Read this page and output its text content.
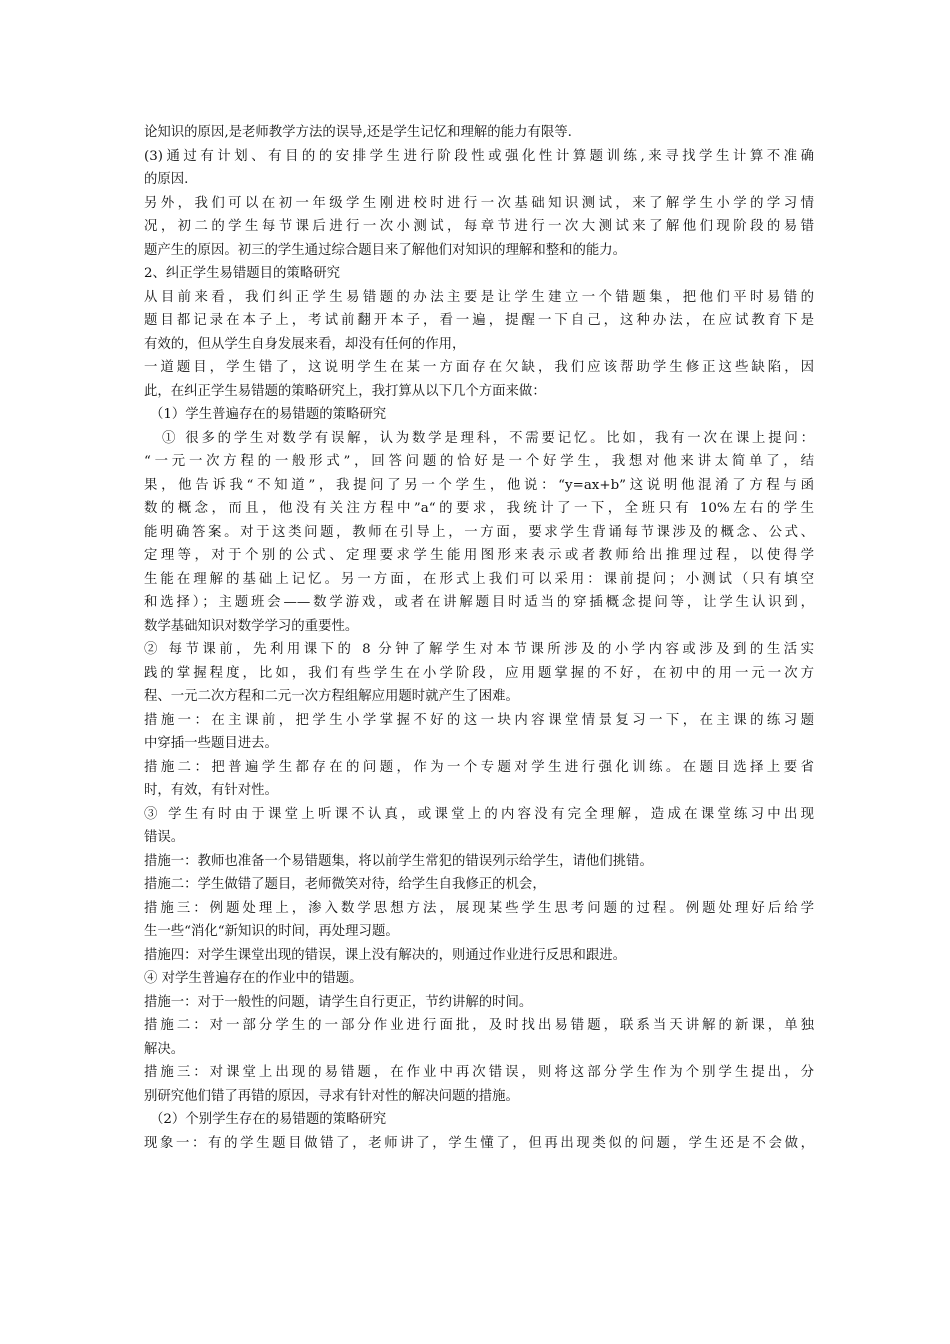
论知识的原因,是老师教学方法的误导,还是学生记忆和理解的能力有限等.
(3)通过有计划、有目的的安排学生进行阶段性或强化性计算题训练,来寻找学生计算不准确
的原因.
另外，我们可以在初一年级学生刚进校时进行一次基础知识测试，来了解学生小学的学习情
况，初二的学生每节课后进行一次小测试，每章节进行一次大测试来了解他们现阶段的易错
题产生的原因。初三的学生通过综合题目来了解他们对知识的理解和整和的能力。
2、纠正学生易错题目的策略研究
从目前来看，我们纠正学生易错题的办法主要是让学生建立一个错题集，把他们平时易错的
题目都记录在本子上，考试前翻开本子，看一遍，提醒一下自己，这种办法，在应试教育下是
有效的，但从学生自身发展来看，却没有任何的作用，
一道题目，学生错了，这说明学生在某一方面存在欠缺，我们应该帮助学生修正这些缺陷，因
此，在纠正学生易错题的策略研究上，我打算从以下几个方面来做：
（1）学生普遍存在的易错题的策略研究
① 很多的学生对数学有误解，认为数学是理科，不需要记忆。比如，我有一次在课上提问：
“一元一次方程的一般形式”，回答问题的恰好是一个好学生，我想对他来讲太简单了，结
果，他告诉我“不知道”，我提问了另一个学生，他说：“y=ax+b”这说明他混淆了方程与函
数的概念，而且，他没有关注方程中”a“的要求，我统计了一下，全班只有 10%左右的学生
能明确答案。对于这类问题，教师在引导上，一方面，要求学生背诵每节课涉及的概念、公式、
定理等，对于个别的公式、定理要求学生能用图形来表示或者教师给出推理过程，以使得学
生能在理解的基础上记忆。另一方面，在形式上我们可以采用：课前提问；小测试（只有填空
和选择）；主题班会——数学游戏，或者在讲解题目时适当的穿插概念提问等，让学生认识到，
数学基础知识对数学学习的重要性。
② 每节课前，先利用课下的 8 分钟了解学生对本节课所涉及的小学内容或涉及到的生活实
践的掌握程度，比如，我们有些学生在小学阶段，应用题掌握的不好，在初中的用一元一次方
程、一元二次方程和二元一次方程组解应用题时就产生了困难。
措施一：在主课前，把学生小学掌握不好的这一块内容课堂情景复习一下，在主课的练习题
中穿插一些题目进去。
措施二：把普遍学生都存在的问题，作为一个专题对学生进行强化训练。在题目选择上要省
时，有效，有针对性。
③ 学生有时由于课堂上听课不认真，或课堂上的内容没有完全理解，造成在课堂练习中出现
错误。
措施一：教师也准备一个易错题集，将以前学生常犯的错误列示给学生，请他们挑错。
措施二：学生做错了题目，老师微笑对待，给学生自我修正的机会，
措施三：例题处理上，渗入数学思想方法，展现某些学生思考问题的过程。例题处理好后给学
生一些“消化“新知识的时间，再处理习题。
措施四：对学生课堂出现的错误，课上没有解决的，则通过作业进行反思和跟进。
④ 对学生普遍存在的作业中的错题。
措施一：对于一般性的问题，请学生自行更正，节约讲解的时间。
措施二：对一部分学生的一部分作业进行面批，及时找出易错题，联系当天讲解的新课，单独
解决。
措施三：对课堂上出现的易错题，在作业中再次错误，则将这部分学生作为个别学生提出，分
别研究他们错了再错的原因，寻求有针对性的解决问题的措施。
（2）个别学生存在的易错题的策略研究
现象一：有的学生题目做错了，老师讲了，学生懂了，但再出现类似的问题，学生还是不会做，
